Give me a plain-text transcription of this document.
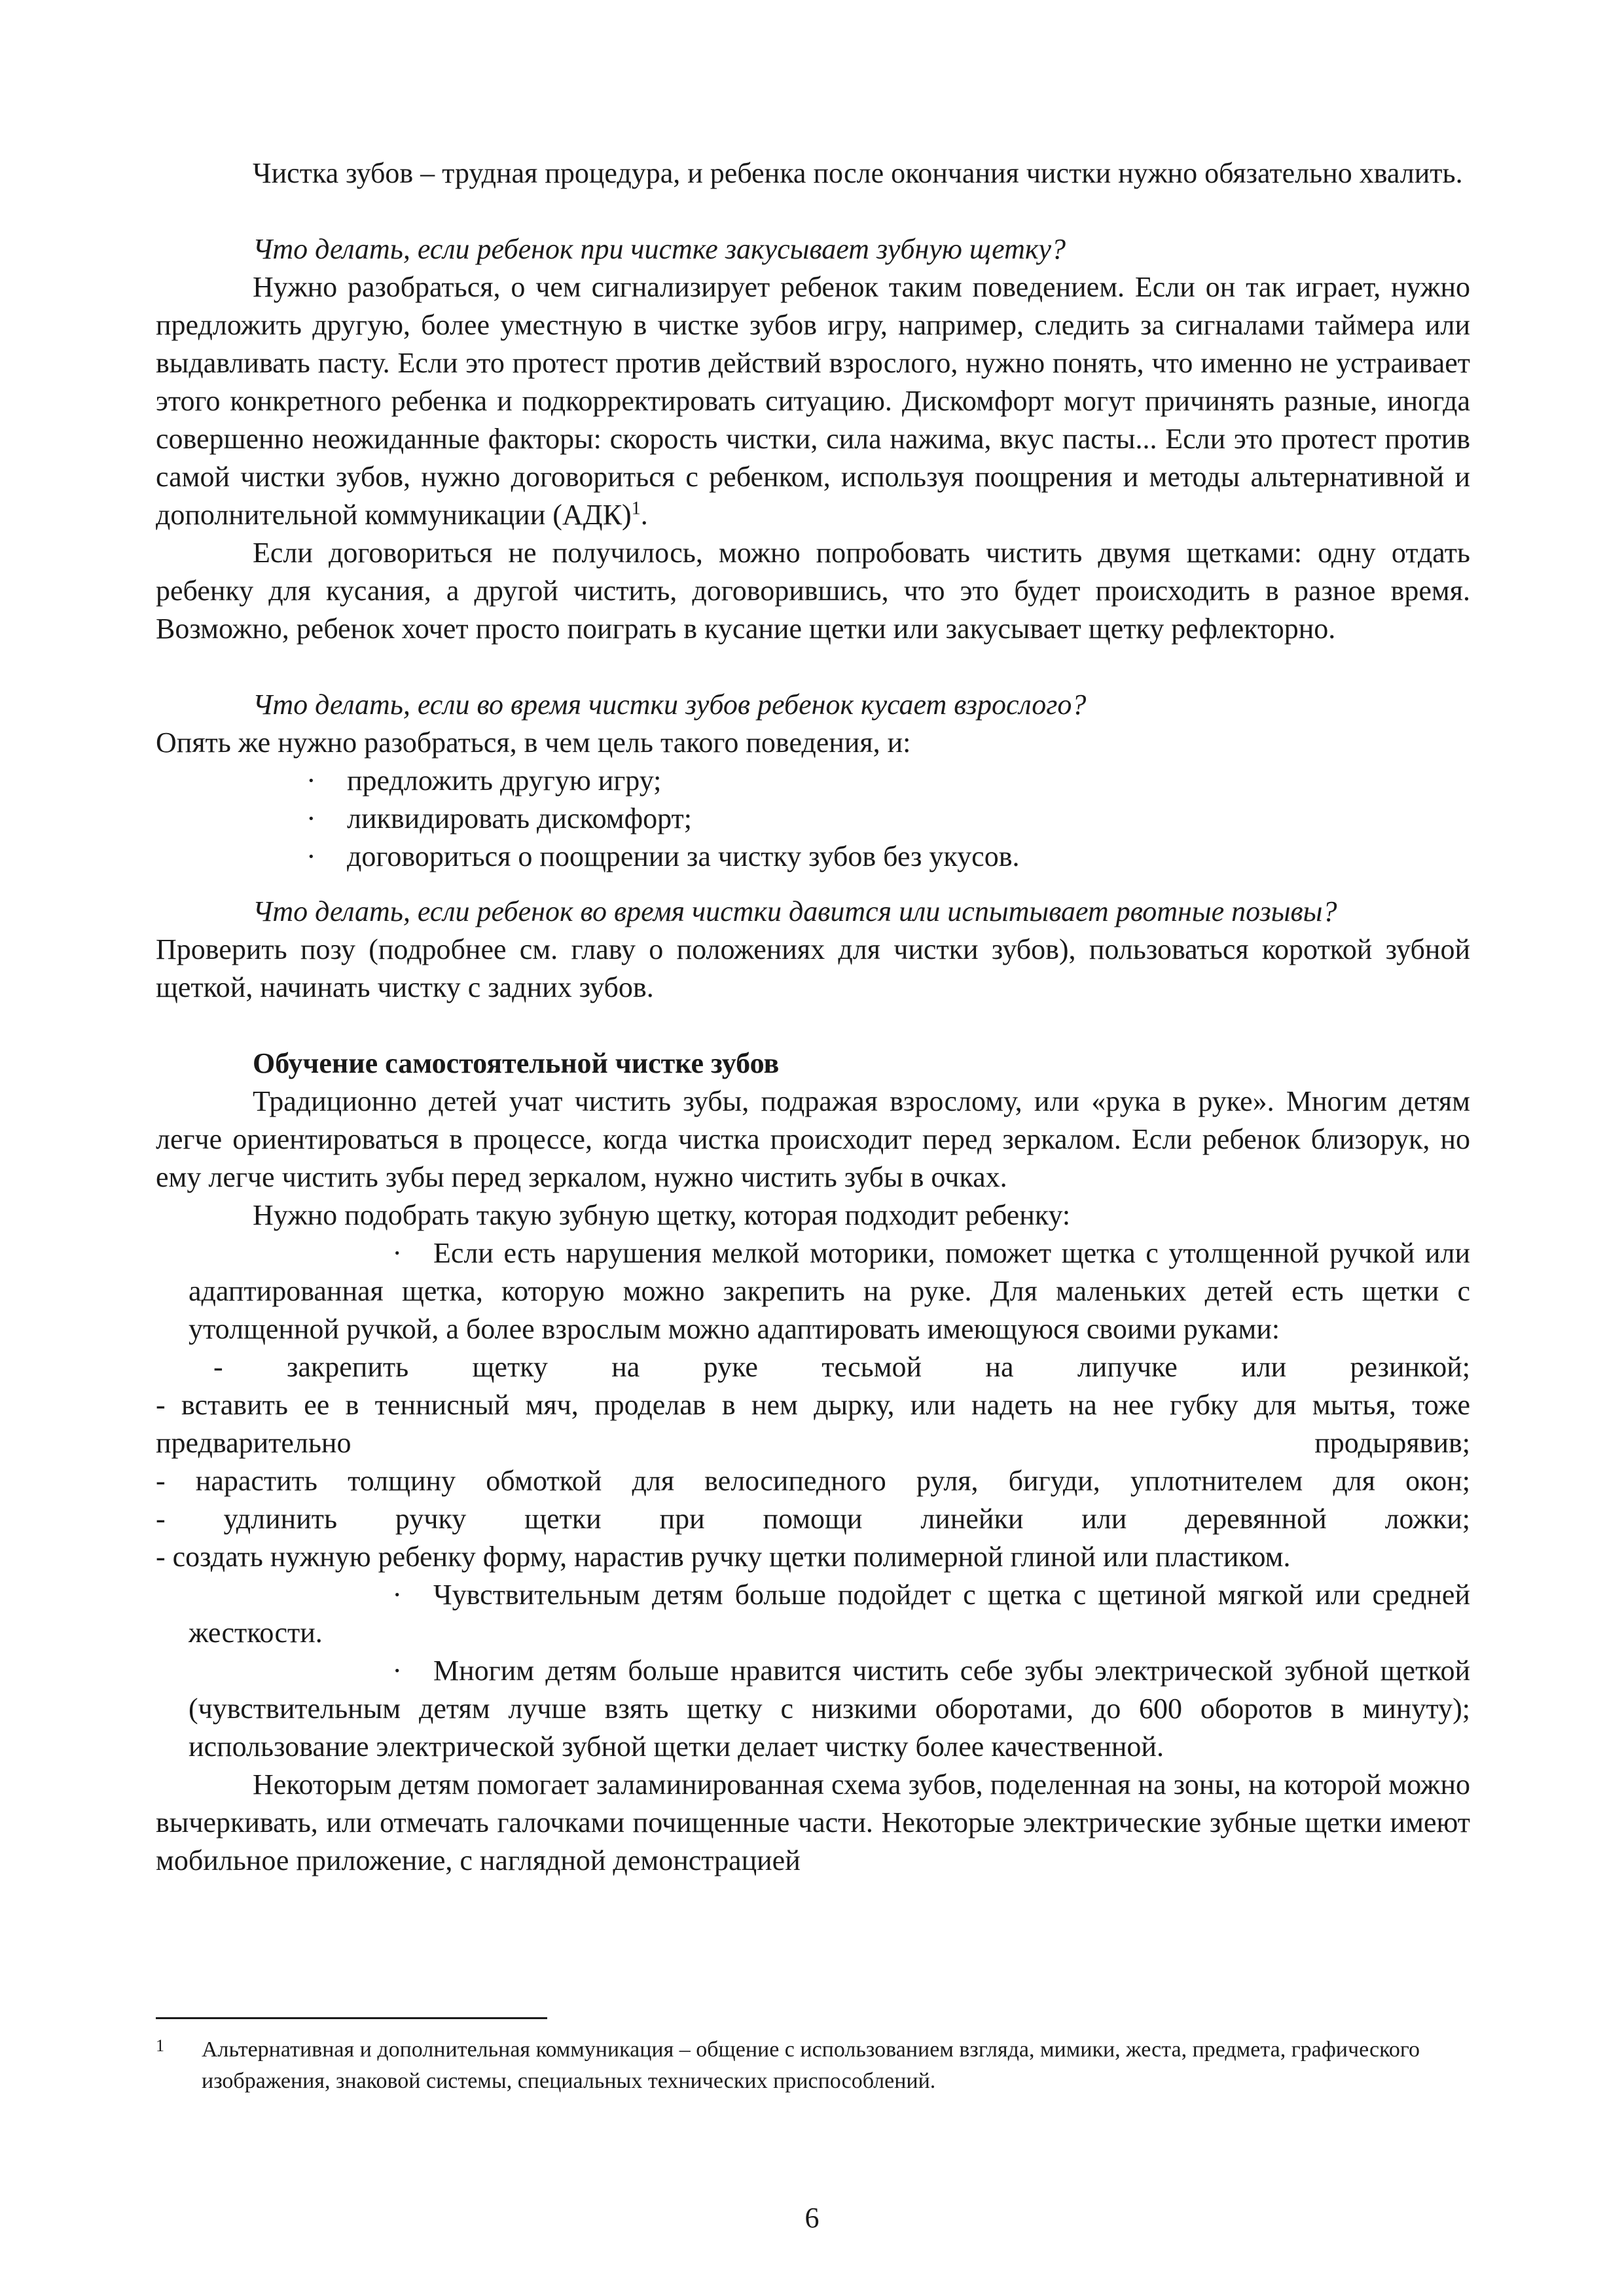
Чистка зубов – трудная процедура, и ребенка после окончания чистки нужно обязательно хвалить.

Что делать, если ребенок при чистке закусывает зубную щетку?

Нужно разобраться, о чем сигнализирует ребенок таким поведением. Если он так играет, нужно предложить другую, более уместную в чистке зубов игру, например, следить за сигналами таймера или выдавливать пасту. Если это протест против действий взрослого, нужно понять, что именно не устраивает этого конкретного ребенка и подкорректировать ситуацию. Дискомфорт могут причинять разные, иногда совершенно неожиданные факторы: скорость чистки, сила нажима, вкус пасты... Если это протест против самой чистки зубов, нужно договориться с ребенком, используя поощрения и методы альтернативной и дополнительной коммуникации (АДК)$^1$.

Если договориться не получилось, можно попробовать чистить двумя щетками: одну отдать ребенку для кусания, а другой чистить, договорившись, что это будет происходить в разное время. Возможно, ребенок хочет просто поиграть в кусание щетки или закусывает щетку рефлекторно.

Что делать, если во время чистки зубов ребенок кусает взрослого?

Опять же нужно разобраться, в чем цель такого поведения, и:

· предложить другую игру;
· ликвидировать дискомфорт;
· договориться о поощрении за чистку зубов без укусов.

Что делать, если ребенок во время чистки давится или испытывает рвотные позывы?

Проверить позу (подробнее см. главу о положениях для чистки зубов), пользоваться короткой зубной щеткой, начинать чистку с задних зубов.

Обучение самостоятельной чистке зубов

Традиционно детей учат чистить зубы, подражая взрослому, или «рука в руке». Многим детям легче ориентироваться в процессе, когда чистка происходит перед зеркалом. Если ребенок близорук, но ему легче чистить зубы перед зеркалом, нужно чистить зубы в очках.

Нужно подобрать такую зубную щетку, которая подходит ребенку:

· Если есть нарушения мелкой моторики, поможет щетка с утолщенной ручкой или адаптированная щетка, которую можно закрепить на руке. Для маленьких детей есть щетки с утолщенной ручкой, а более взрослым можно адаптировать имеющуюся своими руками:

- закрепить щетку на руке тесьмой на липучке или резинкой;

- вставить ее в теннисный мяч, проделав в нем дырку, или надеть на нее губку для мытья, тоже предварительно	продырявив;

- нарастить толщину обмоткой для велосипедного руля, бигуди, уплотнителем для окон;

- удлинить ручку щетки при помощи линейки или деревянной ложки;

- создать нужную ребенку форму, нарастив ручку щетки полимерной глиной или пластиком.

· Чувствительным детям больше подойдет с щетка с щетиной мягкой или средней жесткости.

· Многим детям больше нравится чистить себе зубы электрической зубной щеткой (чувствительным детям лучше взять щетку с низкими оборотами, до 600 оборотов в минуту); использование электрической зубной щетки делает чистку более качественной.

Некоторым детям помогает заламинированная схема зубов, поделенная на зоны, на которой можно вычеркивать, или отмечать галочками почищенные части. Некоторые электрические зубные щетки имеют мобильное приложение, с наглядной демонстрацией

1 Альтернативная и дополнительная коммуникация – общение с использованием взгляда, мимики, жеста, предмета, графического изображения, знаковой системы, специальных технических приспособлений.
6
